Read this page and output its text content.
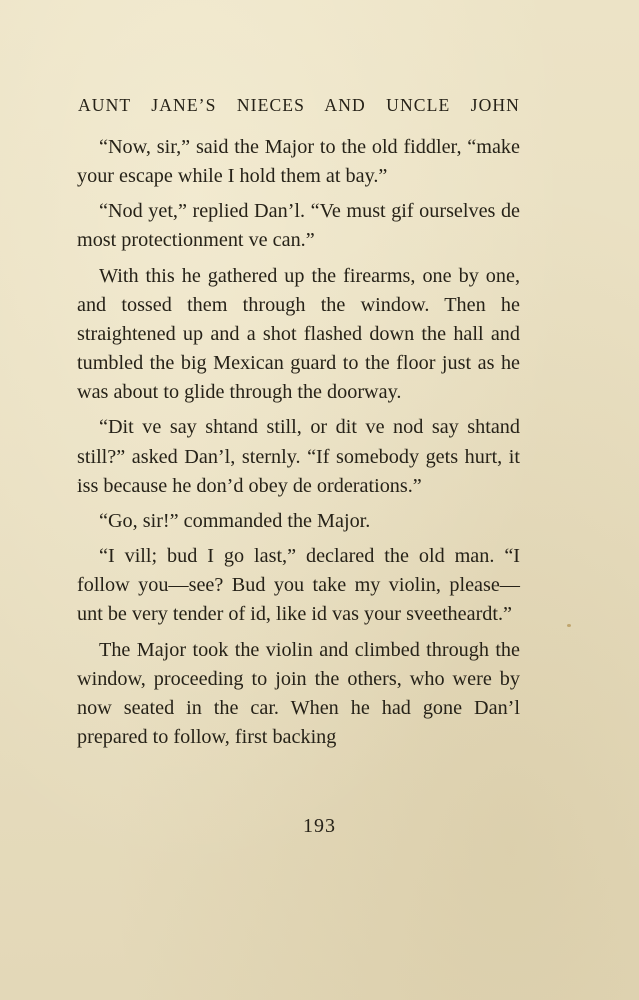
AUNT JANE’S NIECES AND UNCLE JOHN

“Now, sir,” said the Major to the old fiddler, “make your escape while I hold them at bay.”

“Nod yet,” replied Dan’l. “Ve must gif ourselves de most protectionment ve can.”

With this he gathered up the firearms, one by one, and tossed them through the window. Then he straightened up and a shot flashed down the hall and tumbled the big Mexican guard to the floor just as he was about to glide through the doorway.

“Dit ve say shtand still, or dit ve nod say shtand still?” asked Dan’l, sternly. “If somebody gets hurt, it iss because he don’d obey de orderations.”

“Go, sir!” commanded the Major.

“I vill; bud I go last,” declared the old man. “I follow you—see? Bud you take my violin, please—unt be very tender of id, like id vas your sveetheardt.”

The Major took the violin and climbed through the window, proceeding to join the others, who were by now seated in the car. When he had gone Dan’l prepared to follow, first backing

193
